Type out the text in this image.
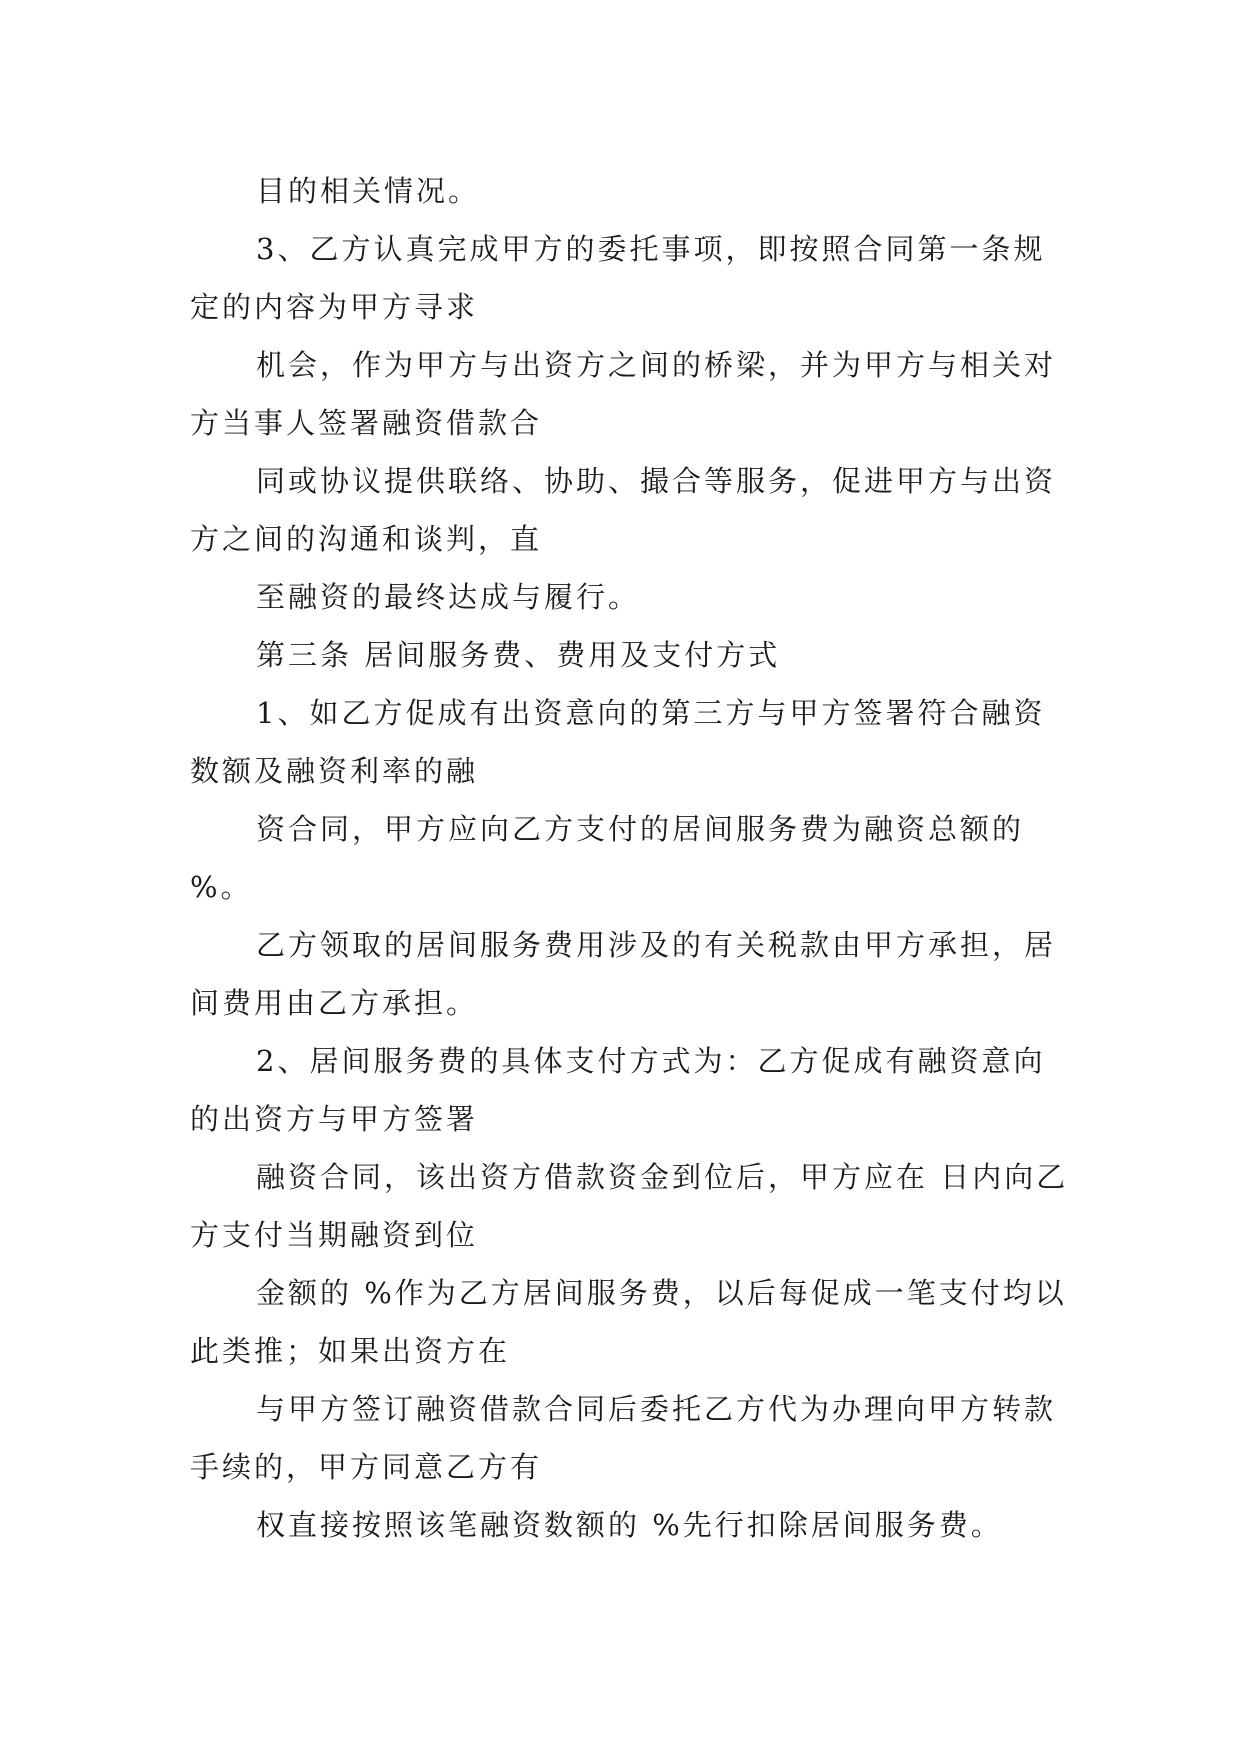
目的相关情况。

3、乙方认真完成甲方的委托事项，即按照合同第一条规定的内容为甲方寻求

机会，作为甲方与出资方之间的桥梁，并为甲方与相关对方当事人签署融资借款合

同或协议提供联络、协助、撮合等服务，促进甲方与出资方之间的沟通和谈判，直

至融资的最终达成与履行。

第三条 居间服务费、费用及支付方式

1、如乙方促成有出资意向的第三方与甲方签署符合融资数额及融资利率的融

资合同，甲方应向乙方支付的居间服务费为融资总额的 %。

乙方领取的居间服务费用涉及的有关税款由甲方承担，居间费用由乙方承担。

2、居间服务费的具体支付方式为：乙方促成有融资意向的出资方与甲方签署

融资合同，该出资方借款资金到位后，甲方应在 日内向乙方支付当期融资到位

金额的 %作为乙方居间服务费，以后每促成一笔支付均以此类推；如果出资方在

与甲方签订融资借款合同后委托乙方代为办理向甲方转款手续的，甲方同意乙方有

权直接按照该笔融资数额的 %先行扣除居间服务费。
